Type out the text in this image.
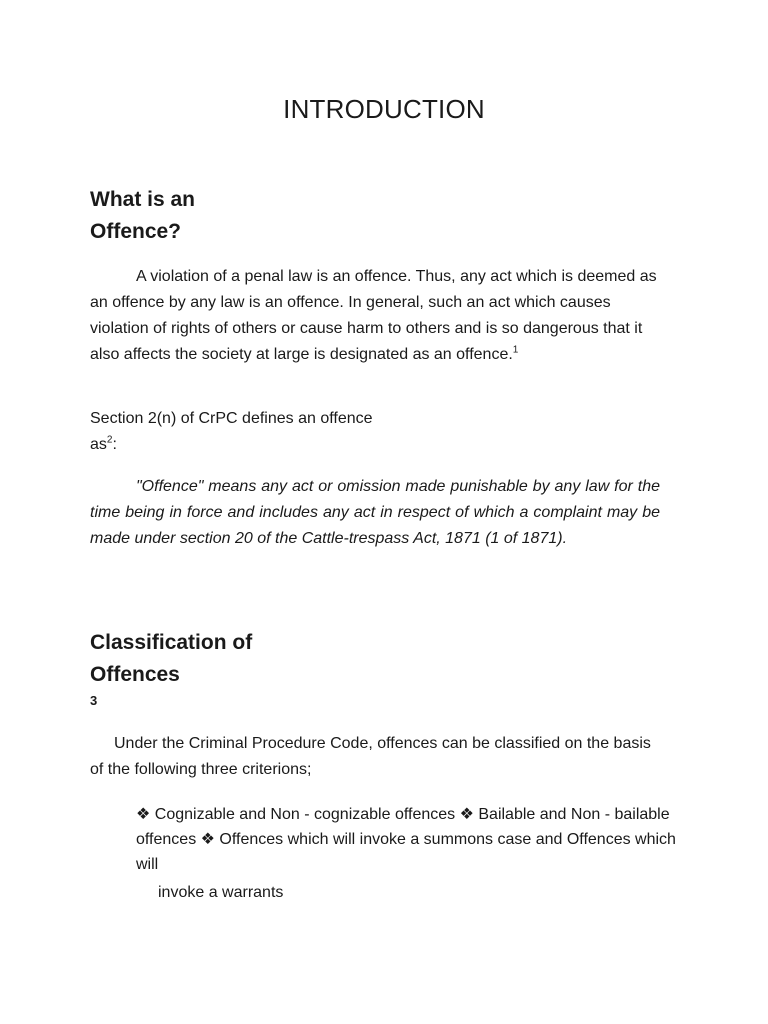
INTRODUCTION
What is an
Offence?

A violation of a penal law is an offence. Thus, any act which is deemed as an offence by any law is an offence. In general, such an act which causes violation of rights of others or cause harm to others and is so dangerous that it also affects the society at large is designated as an offence.$^1$

Section 2(n) of CrPC defines an offence
$as^2$:

"Offence" means any act or omission made punishable by any law for the time being in force and includes any act in respect of which a complaint may be made under section 20 of the Cattle-trespass Act, 1871 (1 of 1871).

Classification of
Offences
$^3$

Under the Criminal Procedure Code, offences can be classified on the basis of the following three criterions;

❖ Cognizable and Non - cognizable offences ❖ Bailable and Non - bailable offences ❖ Offences which will invoke a summons case and Offences which will

invoke a warrants
